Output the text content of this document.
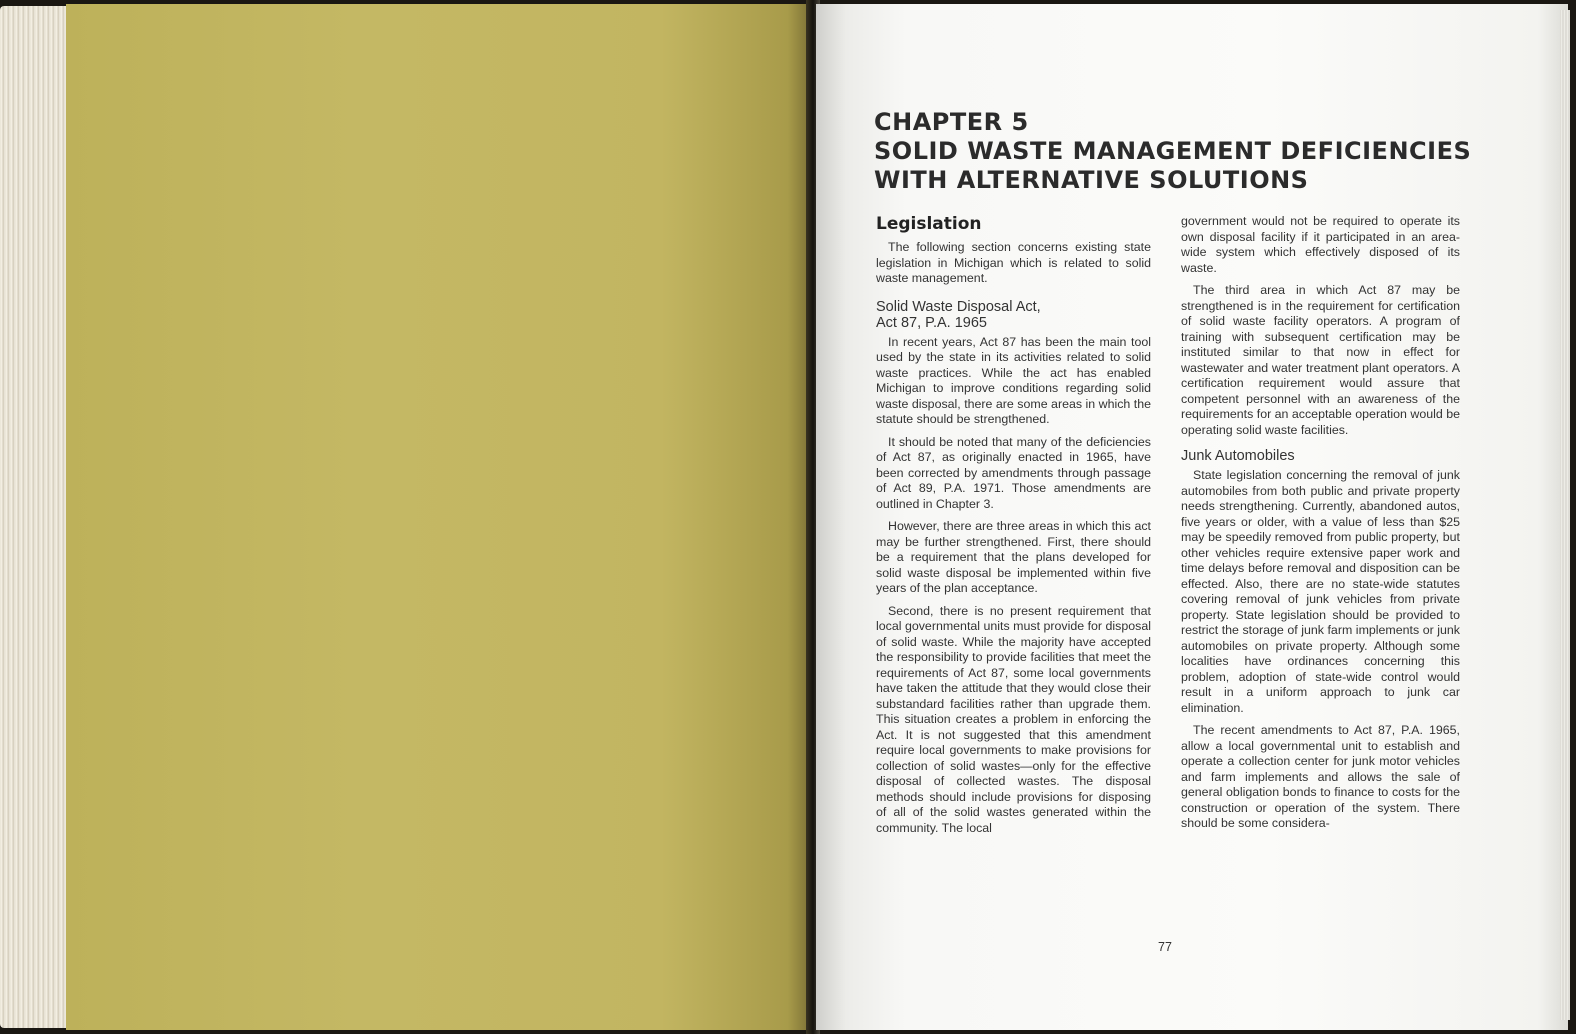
CHAPTER 5
SOLID WASTE MANAGEMENT DEFICIENCIES
WITH ALTERNATIVE SOLUTIONS
Legislation

The following section concerns existing state legislation in Michigan which is related to solid waste management.

Solid Waste Disposal Act,
Act 87, P.A. 1965

In recent years, Act 87 has been the main tool used by the state in its activities related to solid waste practices. While the act has enabled Michigan to improve conditions regarding solid waste disposal, there are some areas in which the statute should be strengthened.

It should be noted that many of the deficiencies of Act 87, as originally enacted in 1965, have been corrected by amendments through passage of Act 89, P.A. 1971. Those amendments are outlined in Chapter 3.

However, there are three areas in which this act may be further strengthened. First, there should be a requirement that the plans developed for solid waste disposal be implemented within five years of the plan acceptance.

Second, there is no present requirement that local governmental units must provide for disposal of solid waste. While the majority have accepted the responsibility to provide facilities that meet the requirements of Act 87, some local governments have taken the attitude that they would close their substandard facilities rather than upgrade them. This situation creates a problem in enforcing the Act. It is not suggested that this amendment require local governments to make provisions for collection of solid wastes—only for the effective disposal of collected wastes. The disposal methods should include provisions for disposing of all of the solid wastes generated within the community. The local

government would not be required to operate its own disposal facility if it participated in an area-wide system which effectively disposed of its waste.

The third area in which Act 87 may be strengthened is in the requirement for certification of solid waste facility operators. A program of training with subsequent certification may be instituted similar to that now in effect for wastewater and water treatment plant operators. A certification requirement would assure that competent personnel with an awareness of the requirements for an acceptable operation would be operating solid waste facilities.

Junk Automobiles

State legislation concerning the removal of junk automobiles from both public and private property needs strengthening. Currently, abandoned autos, five years or older, with a value of less than $25 may be speedily removed from public property, but other vehicles require extensive paper work and time delays before removal and disposition can be effected. Also, there are no state-wide statutes covering removal of junk vehicles from private property. State legislation should be provided to restrict the storage of junk farm implements or junk automobiles on private property. Although some localities have ordinances concerning this problem, adoption of state-wide control would result in a uniform approach to junk car elimination.

The recent amendments to Act 87, P.A. 1965, allow a local governmental unit to establish and operate a collection center for junk motor vehicles and farm implements and allows the sale of general obligation bonds to finance to costs for the construction or operation of the system. There should be some considera-

77
